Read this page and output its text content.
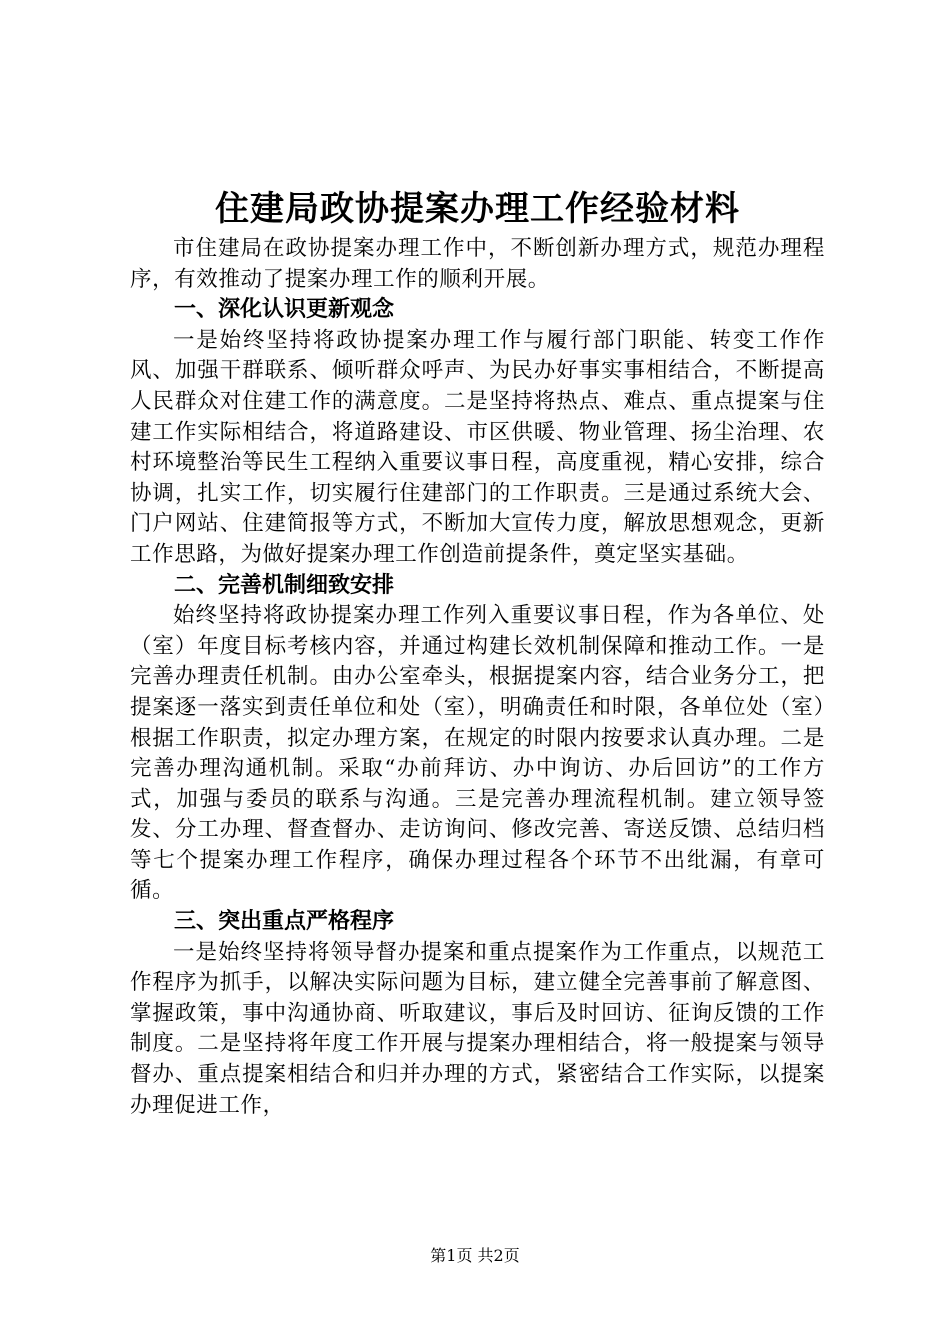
住建局政协提案办理工作经验材料

市住建局在政协提案办理工作中，不断创新办理方式，规范办理程序，有效推动了提案办理工作的顺利开展。

一、深化认识更新观念

一是始终坚持将政协提案办理工作与履行部门职能、转变工作作风、加强干群联系、倾听群众呼声、为民办好事实事相结合，不断提高人民群众对住建工作的满意度。二是坚持将热点、难点、重点提案与住建工作实际相结合，将道路建设、市区供暖、物业管理、扬尘治理、农村环境整治等民生工程纳入重要议事日程，高度重视，精心安排，综合协调，扎实工作，切实履行住建部门的工作职责。三是通过系统大会、门户网站、住建简报等方式，不断加大宣传力度，解放思想观念，更新工作思路，为做好提案办理工作创造前提条件，奠定坚实基础。

二、完善机制细致安排

始终坚持将政协提案办理工作列入重要议事日程，作为各单位、处（室）年度目标考核内容，并通过构建长效机制保障和推动工作。一是完善办理责任机制。由办公室牵头，根据提案内容，结合业务分工，把提案逐一落实到责任单位和处（室），明确责任和时限，各单位处（室）根据工作职责，拟定办理方案，在规定的时限内按要求认真办理。二是完善办理沟通机制。采取“办前拜访、办中询访、办后回访”的工作方式，加强与委员的联系与沟通。三是完善办理流程机制。建立领导签发、分工办理、督查督办、走访询问、修改完善、寄送反馈、总结归档等七个提案办理工作程序，确保办理过程各个环节不出纰漏，有章可循。

三、突出重点严格程序

一是始终坚持将领导督办提案和重点提案作为工作重点，以规范工作程序为抓手，以解决实际问题为目标，建立健全完善事前了解意图、掌握政策，事中沟通协商、听取建议，事后及时回访、征询反馈的工作制度。二是坚持将年度工作开展与提案办理相结合，将一般提案与领导督办、重点提案相结合和归并办理的方式，紧密结合工作实际，以提案办理促进工作，

第1页 共2页
